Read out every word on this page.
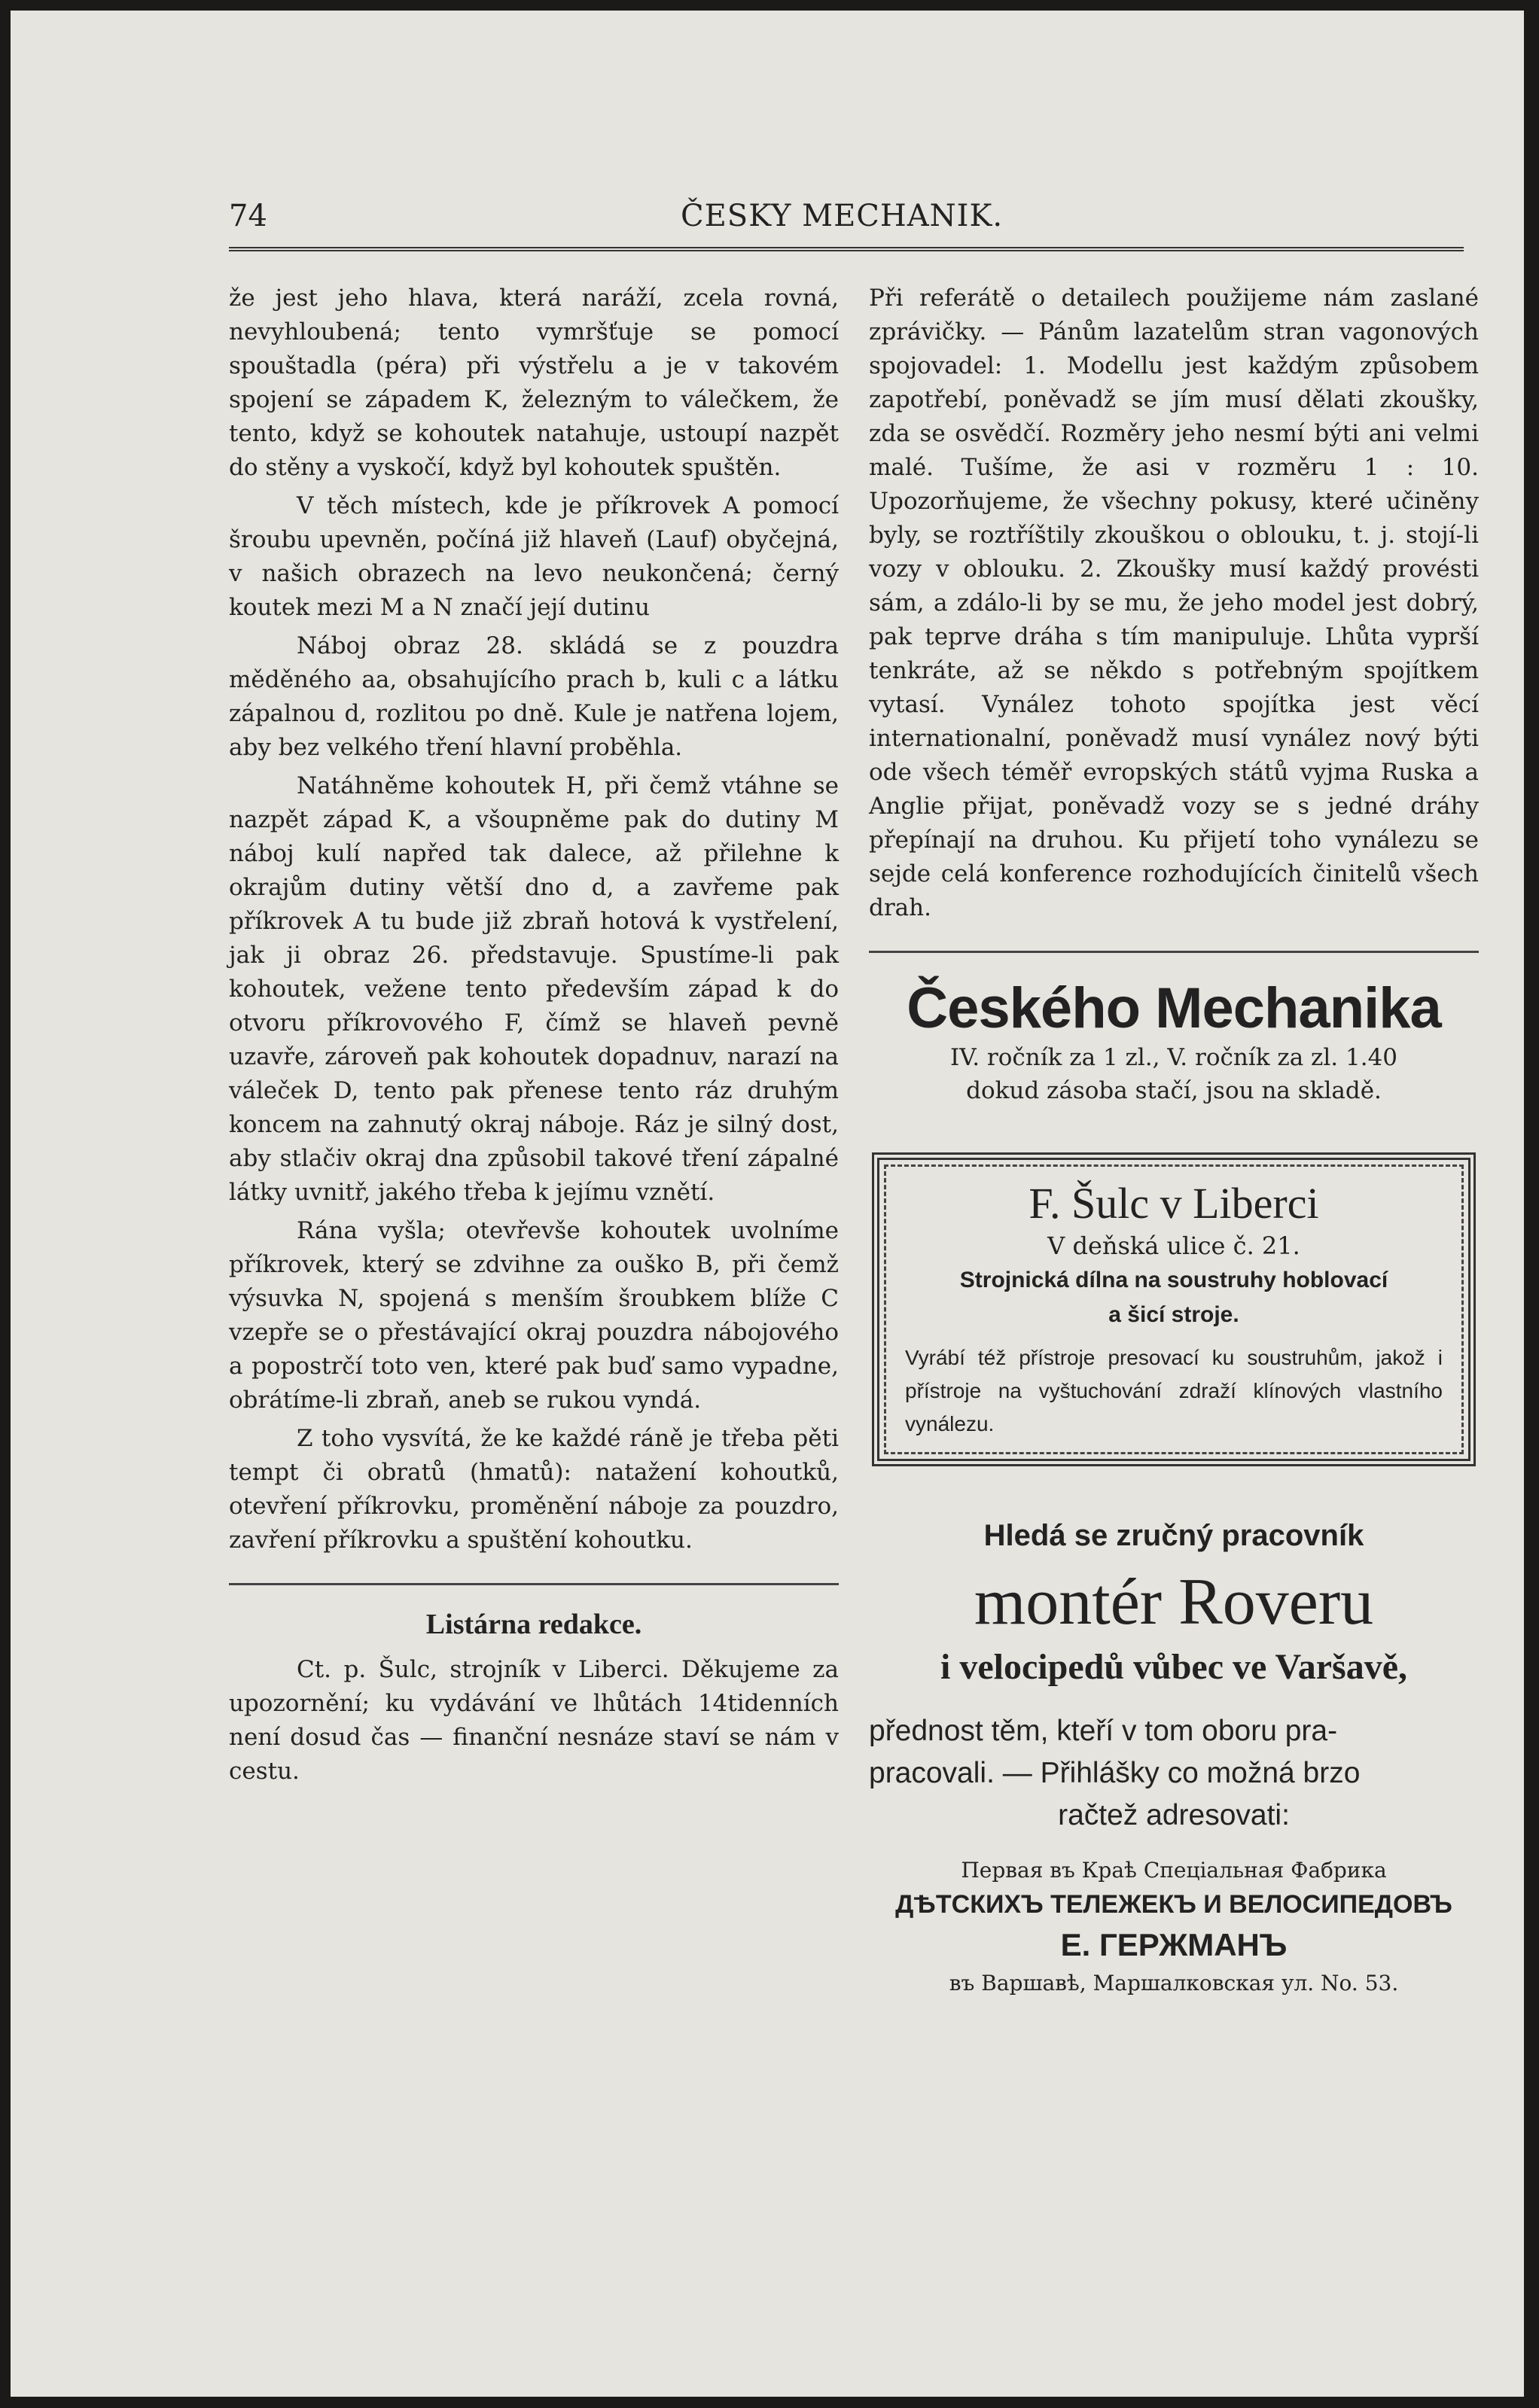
74	ČESKY MECHANIK.

že jest jeho hlava, která naráží, zcela rovná, nevyhloubená; tento vymršťuje se pomocí spouštadla (péra) při výstřelu a je v takovém spojení se západem K, železným to válečkem, že tento, když se kohoutek natahuje, ustoupí nazpět do stěny a vyskočí, když byl kohoutek spuštěn.

V těch místech, kde je příkrovek A pomocí šroubu upevněn, počíná již hlaveň (Lauf) obyčejná, v našich obrazech na levo neukončená; černý koutek mezi M a N značí její dutinu

Náboj obraz 28. skládá se z pouzdra měděného aa, obsahujícího prach b, kuli c a látku zápalnou d, rozlitou po dně. Kule je natřena lojem, aby bez velkého tření hlavní proběhla.

Natáhněme kohoutek H, při čemž vtáhne se nazpět západ K, a všoupněme pak do dutiny M náboj kulí napřed tak dalece, až přilehne k okrajům dutiny větší dno d, a zavřeme pak příkrovek A tu bude již zbraň hotová k vystřelení, jak ji obraz 26. představuje. Spustíme-li pak kohoutek, vežene tento především západ k do otvoru příkrovového F, čímž se hlaveň pevně uzavře, zároveň pak kohoutek dopadnuv, narazí na váleček D, tento pak přenese tento ráz druhým koncem na zahnutý okraj náboje. Ráz je silný dost, aby stlačiv okraj dna způsobil takové tření zápalné látky uvnitř, jakého třeba k jejímu vznětí.

Rána vyšla; otevřevše kohoutek uvolníme příkrovek, který se zdvihne za ouško B, při čemž výsuvka N, spojená s menším šroubkem blíže C vzepře se o přestávající okraj pouzdra nábojového a popostrčí toto ven, které pak buď samo vypadne, obrátíme-li zbraň, aneb se rukou vyndá.

Z toho vysvítá, že ke každé ráně je třeba pěti tempt či obratů (hmatů): natažení kohoutků, otevření příkrovku, proměnění náboje za pouzdro, zavření příkrovku a spuštění kohoutku.

Listárna redakce.

Ct. p. Šulc, strojník v Liberci. Děkujeme za upozornění; ku vydávání ve lhůtách 14tidenních není dosud čas — finanční nesnáze staví se nám v cestu.

Při referátě o detailech použijeme nám zaslané zprávičky. — Pánům lazatelům stran vagonových spojovadel: 1. Modellu jest každým způsobem zapotřebí, poněvadž se jím musí dělati zkoušky, zda se osvědčí. Rozměry jeho nesmí býti ani velmi malé. Tušíme, že asi v rozměru 1 : 10. Upozorňujeme, že všechny pokusy, které učiněny byly, se roztříštily zkouškou o oblouku, t. j. stojí-li vozy v oblouku. 2. Zkoušky musí každý provésti sám, a zdálo-li by se mu, že jeho model jest dobrý, pak teprve dráha s tím manipuluje. Lhůta vyprší tenkráte, až se někdo s potřebným spojítkem vytasí. Vynález tohoto spojítka jest věcí internationalní, poněvadž musí vynález nový býti ode všech téměř evropských států vyjma Ruska a Anglie přijat, poněvadž vozy se s jedné dráhy přepínají na druhou. Ku přijetí toho vynálezu se sejde celá konference rozhodujících činitelů všech drah.

Českého Mechanika
IV. ročník za 1 zl., V. ročník za zl. 1.40
dokud zásoba stačí, jsou na skladě.
F. Šulc v Liberci
V deňská ulice č. 21.
Strojnická dílna na soustruhy hoblovací
a šicí stroje.
Vyrábí též přístroje presovací ku soustruhům, jakož i přístroje na vyštuchování zdraží klínových vlastního vynálezu.
Hledá se zručný pracovník
montér Roveru
i velocipedů vůbec ve Varšavě,
přednost těm, kteří v tom oboru pra-
pracovali. — Přihlášky co možná brzo
račtež adresovati:
Первая въ Краѣ Спеціальная Фабрика
ДѢТСКИХЪ ТЕЛЕЖЕКЪ И ВЕЛОСИПЕДОВЪ
Е. ГЕРЖМАНЪ
въ Варшавѣ, Маршалковская ул. No. 53.
